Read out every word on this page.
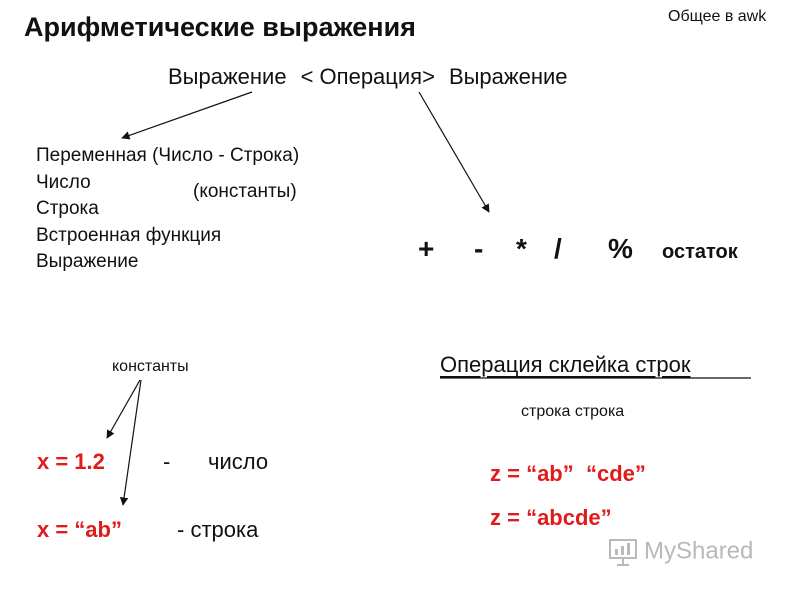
Арифметические выражения	Общее в awk
Выражение < Операция> Выражение
Переменная (Число - Строка)
Число
Строка
Встроенная функция
Выражение
(константы)
+ - * / % остаток
константы
x = 1.2	- число
x = “ab”	- строка
Операция склейка строк
строка строка
z = “ab”  “cde”
z = “abcde”
MyShared
